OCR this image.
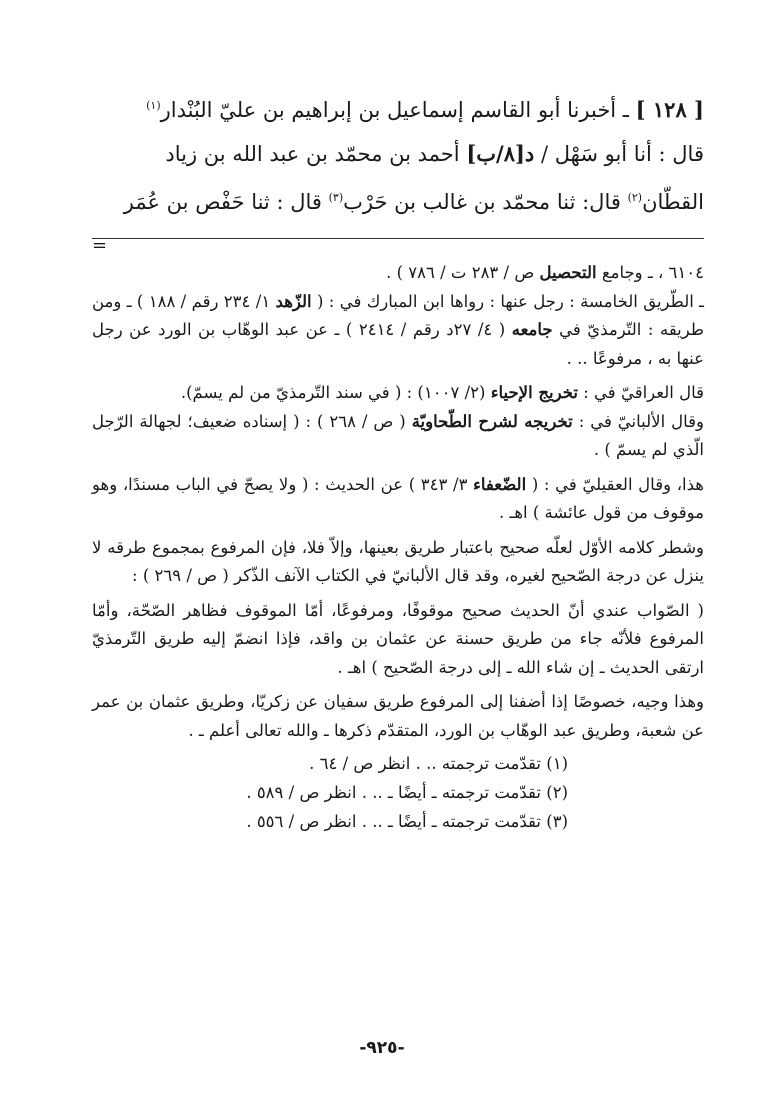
[ ١٢٨ ] ـ أخبرنا أبو القاسم إسماعيل بن إبراهيم بن عليّ البُنْدار$^{(١)}$

قال : أنا أبو سَهْل / د[٨/ب] أحمد بن محمّد بن عبد الله بن زياد

القطّان$^{(٢)}$ قال: ثنا محمّد بن غالب بن حَرْب$^{(٣)}$ قال : ثنا حَفْص بن عُمَر

=

٦١٠٤ ، ـ وجامع التحصيل ص / ٢٨٣ ت / ٧٨٦ ) .

ـ الطّريق الخامسة : رجل عنها : رواها ابن المبارك في : ( الزّهد ١/ ٢٣٤ رقم / ١٨٨ ) ـ ومن طريقه : التّرمذيّ في جامعه ( ٤/ ٢٧د رقم / ٢٤١٤ ) ـ عن عبد الوهّاب بن الورد عن رجل عنها به ، مرفوعًا .. .

قال العراقيّ في : تخريج الإحياء (٢/ ١٠٠٧) : ( في سند التّرمذيّ من لم يسمّ).

وقال الألبانيّ في : تخريجه لشرح الطّحاويّة ( ص / ٢٦٨ ) : ( إسناده ضعيف؛ لجهالة الرّجل الّذي لم يسمّ ) .

هذا، وقال العقيليّ في : ( الضّعفاء ٣/ ٣٤٣ ) عن الحديث : ( ولا يصحّ في الباب مسندًا، وهو موقوف من قول عائشة ) اهـ .

وشطر كلامه الأوّل لعلّه صحيح باعتبار طريق بعينها، وإلاّ فلا، فإن المرفوع بمجموع طرقه لا ينزل عن درجة الصّحيح لغيره، وقد قال الألبانيّ في الكتاب الآنف الذّكر ( ص / ٢٦٩ ) :

( الصّواب عندي أنّ الحديث صحيح موقوفًا، ومرفوعًا، أمّا الموقوف فظاهر الصّحّة، وأمّا المرفوع فلأنّه جاء من طريق حسنة عن عثمان بن واقد، فإذا انضمّ إليه طريق التّرمذيّ ارتقى الحديث ـ إن شاء الله ـ إلى درجة الصّحيح ) اهـ .

وهذا وجيه، خصوصًا إذا أضفنا إلى المرفوع طريق سفيان عن زكريّا، وطريق عثمان بن عمر عن شعبة، وطريق عبد الوهّاب بن الورد، المتقدّم ذكرها ـ والله تعالى أعلم ـ .

(١) تقدّمت ترجمته .. . انظر ص / ٦٤ .
(٢) تقدّمت ترجمته ـ أيضًا ـ .. . انظر ص / ٥٨٩ .
(٣) تقدّمت ترجمته ـ أيضًا ـ .. . انظر ص / ٥٥٦ .
-٩٢٥-
